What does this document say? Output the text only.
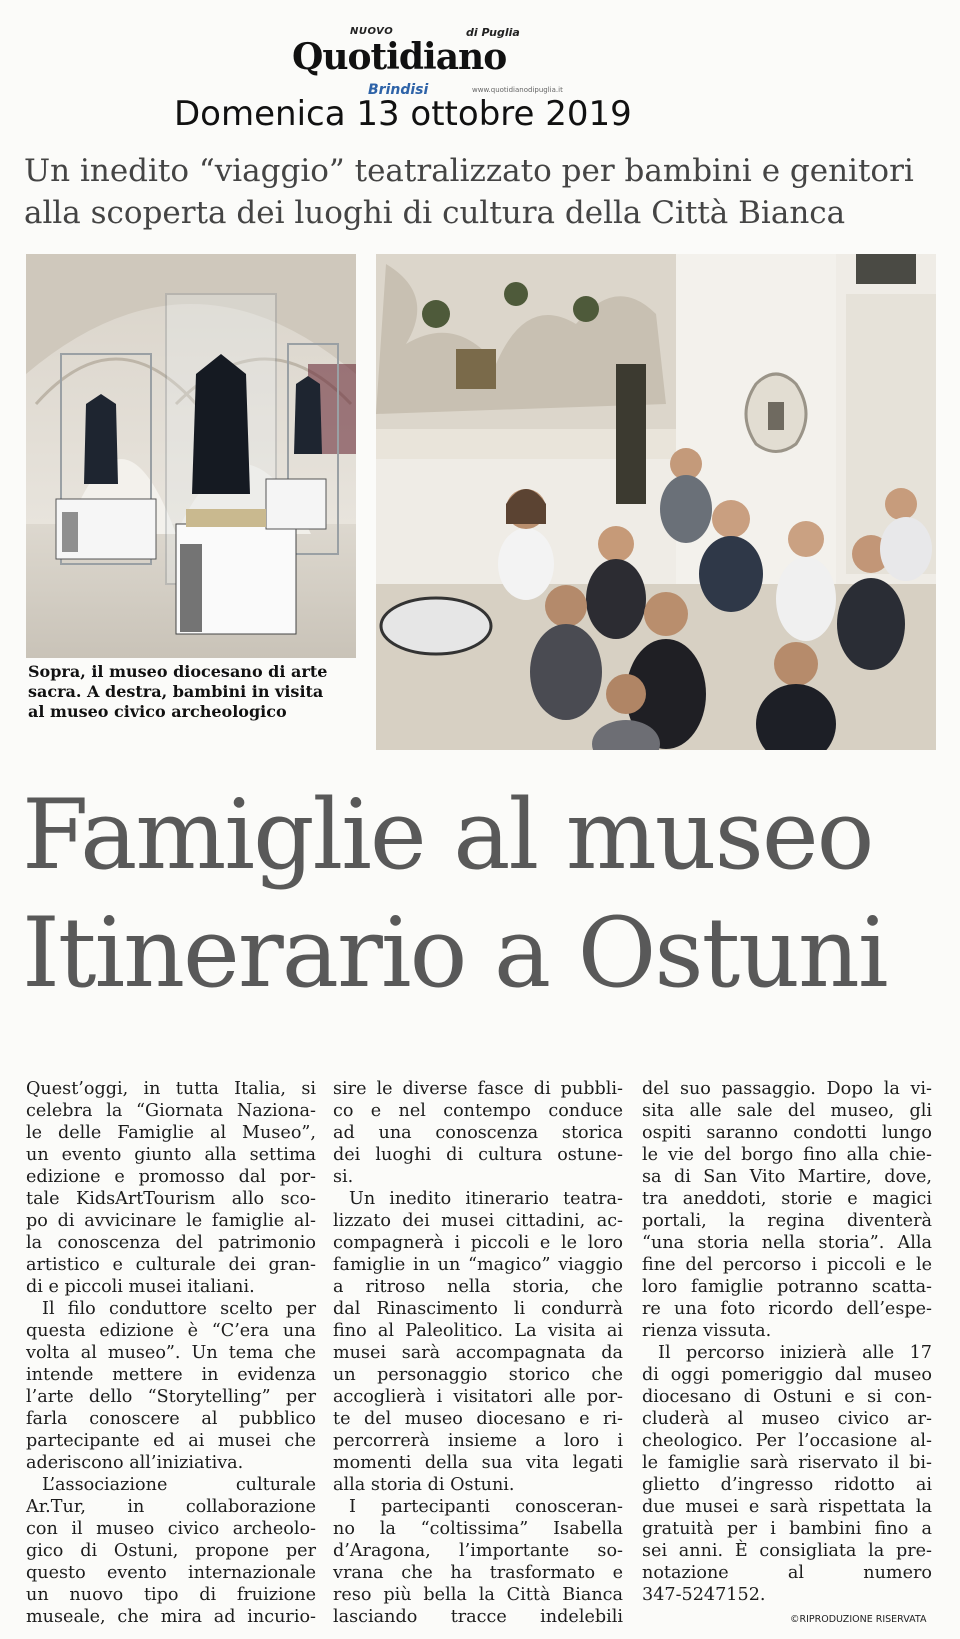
NUOVO	di Puglia
Quotidiano
Brindisi	www.quotidianodipuglia.it
Domenica 13 ottobre 2019
Un inedito “viaggio” teatralizzato per bambini e genitori
alla scoperta dei luoghi di cultura della Città Bianca
Sopra, il museo diocesano di arte
sacra. A destra, bambini in visita
al museo civico archeologico
Famiglie al museo
Itinerario a Ostuni
Quest’oggi, in tutta Italia, si
celebra la “Giornata Naziona-
le delle Famiglie al Museo”,
un evento giunto alla settima
edizione e promosso dal por-
tale KidsArtTourism allo sco-
po di avvicinare le famiglie al-
la conoscenza del patrimonio
artistico e culturale dei gran-
di e piccoli musei italiani.
Il filo conduttore scelto per
questa edizione è “C’era una
volta al museo”. Un tema che
intende mettere in evidenza
l’arte dello “Storytelling” per
farla conoscere al pubblico
partecipante ed ai musei che
aderiscono all’iniziativa.
L’associazione culturale
Ar.Tur, in collaborazione
con il museo civico archeolo-
gico di Ostuni, propone per
questo evento internazionale
un nuovo tipo di fruizione
museale, che mira ad incurio-
sire le diverse fasce di pubbli-
co e nel contempo conduce
ad una conoscenza storica
dei luoghi di cultura ostune-
si.
Un inedito itinerario teatra-
lizzato dei musei cittadini, ac-
compagnerà i piccoli e le loro
famiglie in un “magico” viaggio
a ritroso nella storia, che
dal Rinascimento li condurrà
fino al Paleolitico. La visita ai
musei sarà accompagnata da
un personaggio storico che
accoglierà i visitatori alle por-
te del museo diocesano e ri-
percorrerà insieme a loro i
momenti della sua vita legati
alla storia di Ostuni.
I partecipanti conosceran-
no la “coltissima” Isabella
d’Aragona, l’importante so-
vrana che ha trasformato e
reso più bella la Città Bianca
lasciando tracce indelebili
del suo passaggio. Dopo la vi-
sita alle sale del museo, gli
ospiti saranno condotti lungo
le vie del borgo fino alla chie-
sa di San Vito Martire, dove,
tra aneddoti, storie e magici
portali, la regina diventerà
“una storia nella storia”. Alla
fine del percorso i piccoli e le
loro famiglie potranno scatta-
re una foto ricordo dell’espe-
rienza vissuta.
Il percorso inizierà alle 17
di oggi pomeriggio dal museo
diocesano di Ostuni e si con-
cluderà al museo civico ar-
cheologico. Per l’occasione al-
le famiglie sarà riservato il bi-
glietto d’ingresso ridotto ai
due musei e sarà rispettata la
gratuità per i bambini fino a
sei anni. È consigliata la pre-
notazione al numero
347-5247152.
©RIPRODUZIONE RISERVATA
